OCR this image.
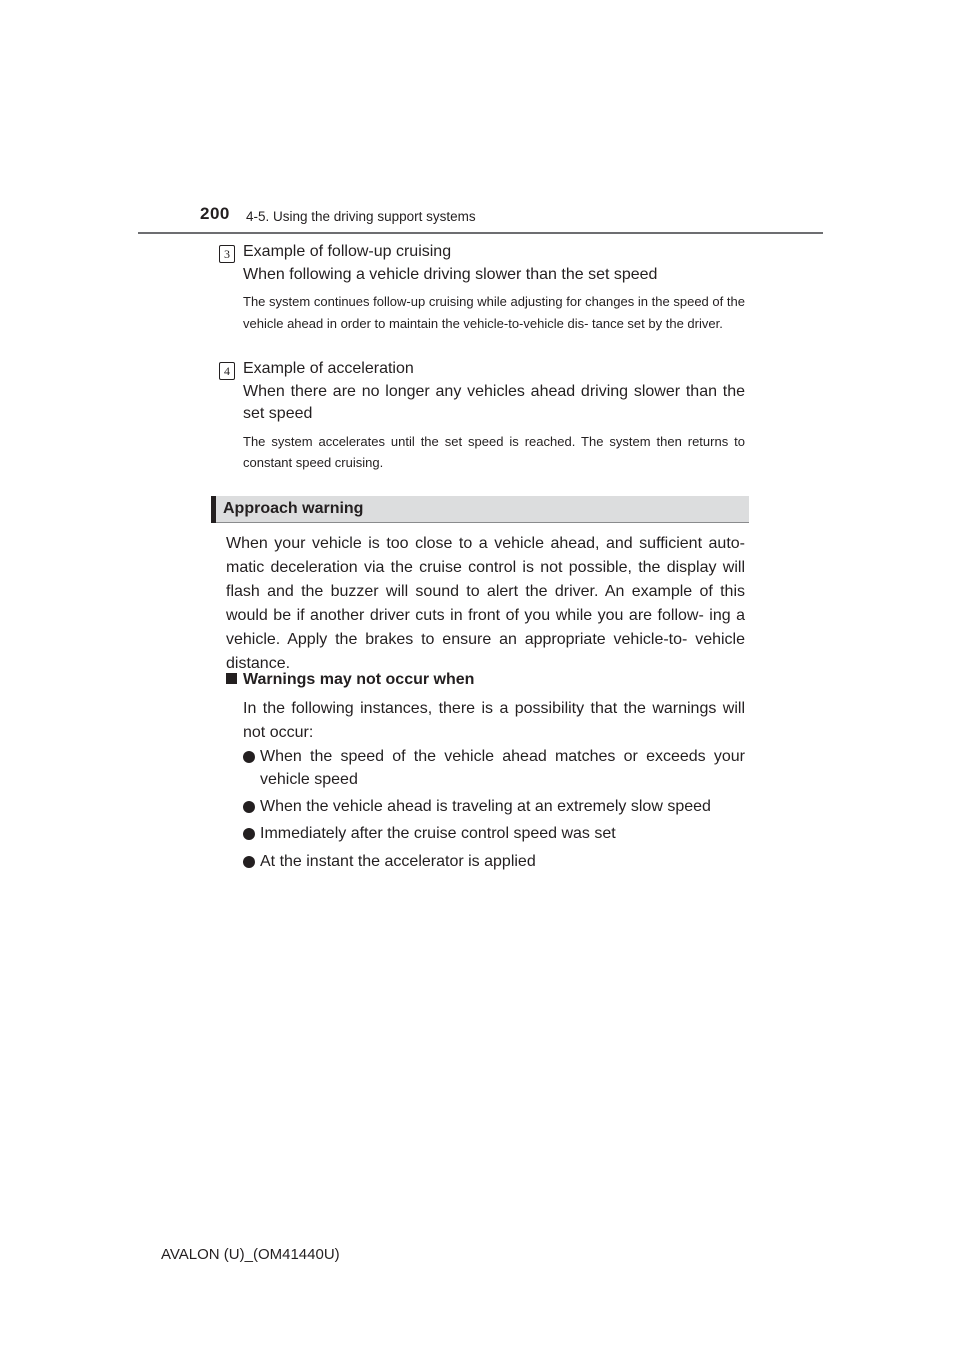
200 4-5. Using the driving support systems
3 Example of follow-up cruising

When following a vehicle driving slower than the set speed

The system continues follow-up cruising while adjusting for changes in the speed of the vehicle ahead in order to maintain the vehicle-to-vehicle dis- tance set by the driver.

4 Example of acceleration

When there are no longer any vehicles ahead driving slower than the set speed

The system accelerates until the set speed is reached. The system then returns to constant speed cruising.

Approach warning
When your vehicle is too close to a vehicle ahead, and sufficient auto- matic deceleration via the cruise control is not possible, the display will flash and the buzzer will sound to alert the driver. An example of this would be if another driver cuts in front of you while you are follow- ing a vehicle. Apply the brakes to ensure an appropriate vehicle-to- vehicle distance.
Warnings may not occur when
In the following instances, there is a possibility that the warnings will not occur:
When the speed of the vehicle ahead matches or exceeds your vehicle speed
When the vehicle ahead is traveling at an extremely slow speed
Immediately after the cruise control speed was set
At the instant the accelerator is applied
AVALON (U)_(OM41440U)
